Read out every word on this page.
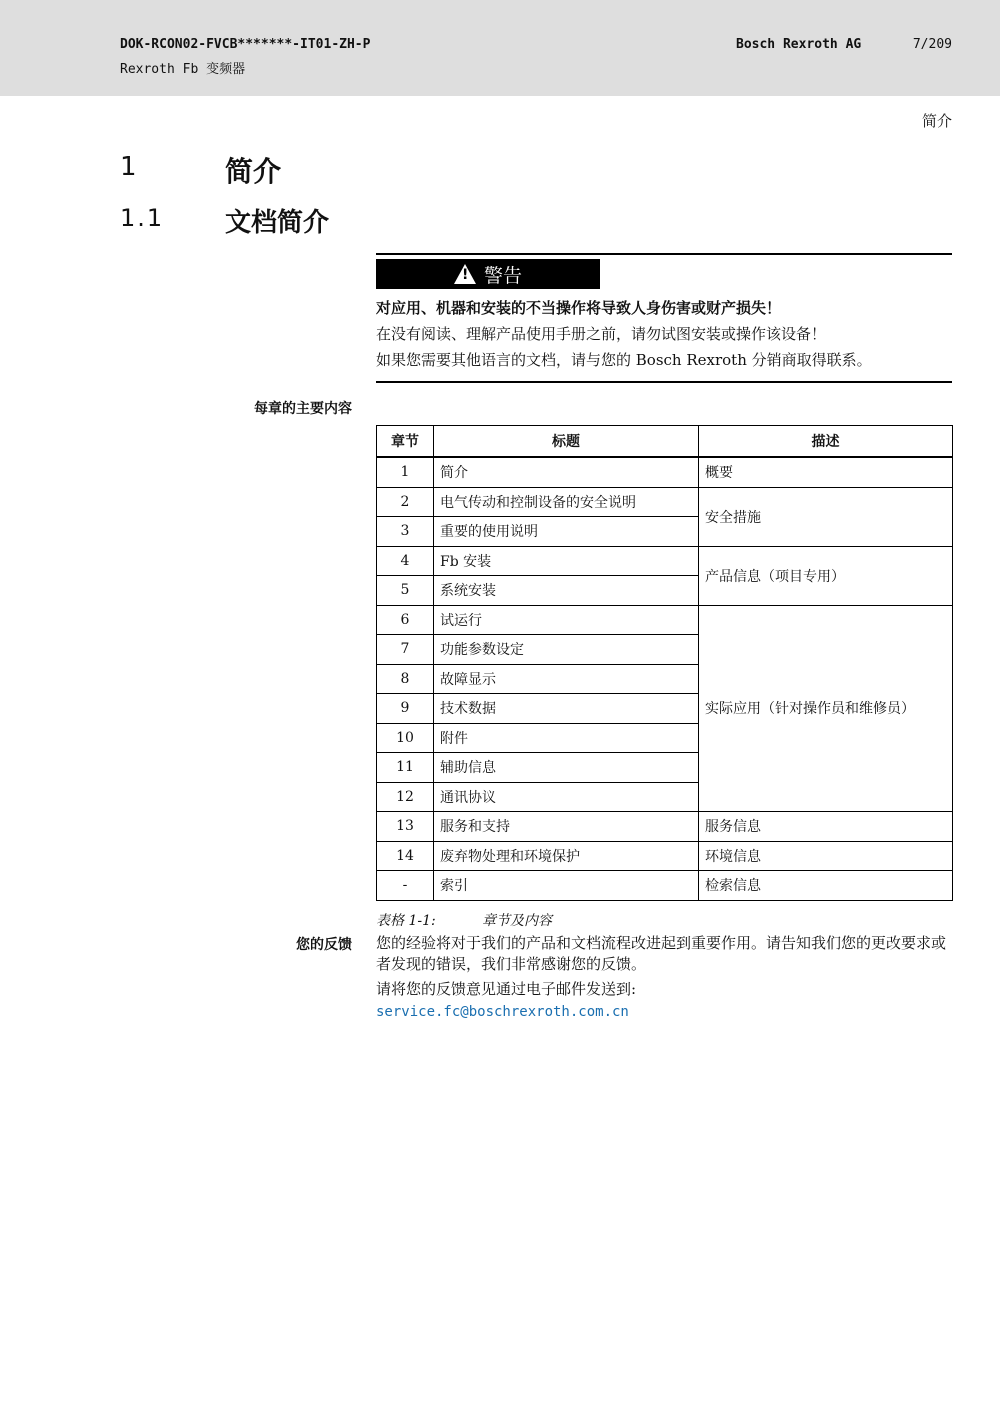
DOK-RCON02-FVCB*******-IT01-ZH-P
Rexroth Fb 变频器
Bosch Rexroth AG	7/209
简介
1	简介
1.1 文档简介
!
警告
对应用、机器和安装的不当操作将导致人身伤害或财产损失！
在没有阅读、理解产品使用手册之前，请勿试图安装或操作该设备！
如果您需要其他语言的文档，请与您的 Bosch Rexroth 分销商取得联系。
每章的主要内容
章节	标题	描述
1	简介	概要
2	电气传动和控制设备的安全说明	安全措施
3	重要的使用说明	
4	Fb 安装	产品信息（项目专用）
5	系统安装	
6	试运行	实际应用（针对操作员和维修员）
7	功能参数设定	
8	故障显示	
9	技术数据	
10	附件	
11	辅助信息	
12	通讯协议	
13	服务和支持	服务信息
14	废弃物处理和环境保护	环境信息
-	索引	检索信息
表格 1-1:	章节及内容
您的反馈 您的经验将对于我们的产品和文档流程改进起到重要作用。请告知我们您的更改要求或者发现的错误，我们非常感谢您的反馈。
请将您的反馈意见通过电子邮件发送到:
service.fc@boschrexroth.com.cn
